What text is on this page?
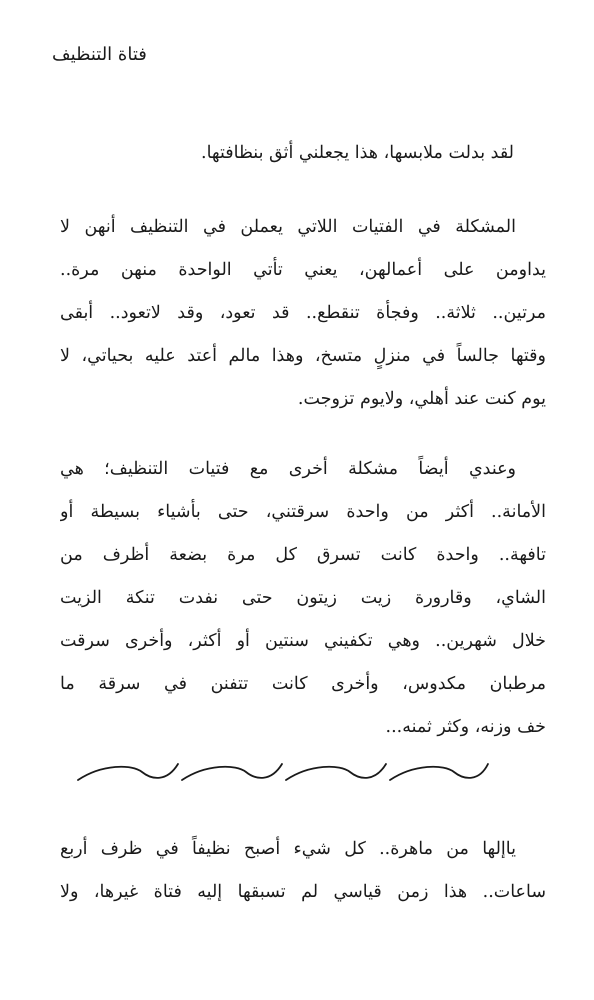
فتاة التنظيف
لقد بدلت ملابسها، هذا يجعلني أثق بنظافتها.
المشكلة في الفتيات اللاتي يعملن في التنظيف أنهن لا
يداومن على أعمالهن، يعني تأتي الواحدة منهن مرة..
مرتين.. ثلاثة.. وفجأة تنقطع.. قد تعود، وقد لاتعود.. أبقى
وقتها جالساً في منزلٍ متسخ، وهذا مالم أعتد عليه بحياتي، لا
يوم كنت عند أهلي، ولايوم تزوجت.
وعندي أيضاً مشكلة أخرى مع فتيات التنظيف؛ هي
الأمانة.. أكثر من واحدة سرقتني، حتى بأشياء بسيطة أو
تافهة.. واحدة كانت تسرق كل مرة بضعة أظرف من
الشاي، وقارورة زيت زيتون حتى نفدت تنكة الزيت
خلال شهرين.. وهي تكفيني سنتين أو أكثر، وأخرى سرقت
مرطبان مكدوس، وأخرى كانت تتفنن في سرقة ما
خف وزنه، وكثر ثمنه...
ياإلها من ماهرة.. كل شيء أصبح نظيفاً في ظرف أربع
ساعات.. هذا زمن قياسي لم تسبقها إليه فتاة غيرها، ولا
